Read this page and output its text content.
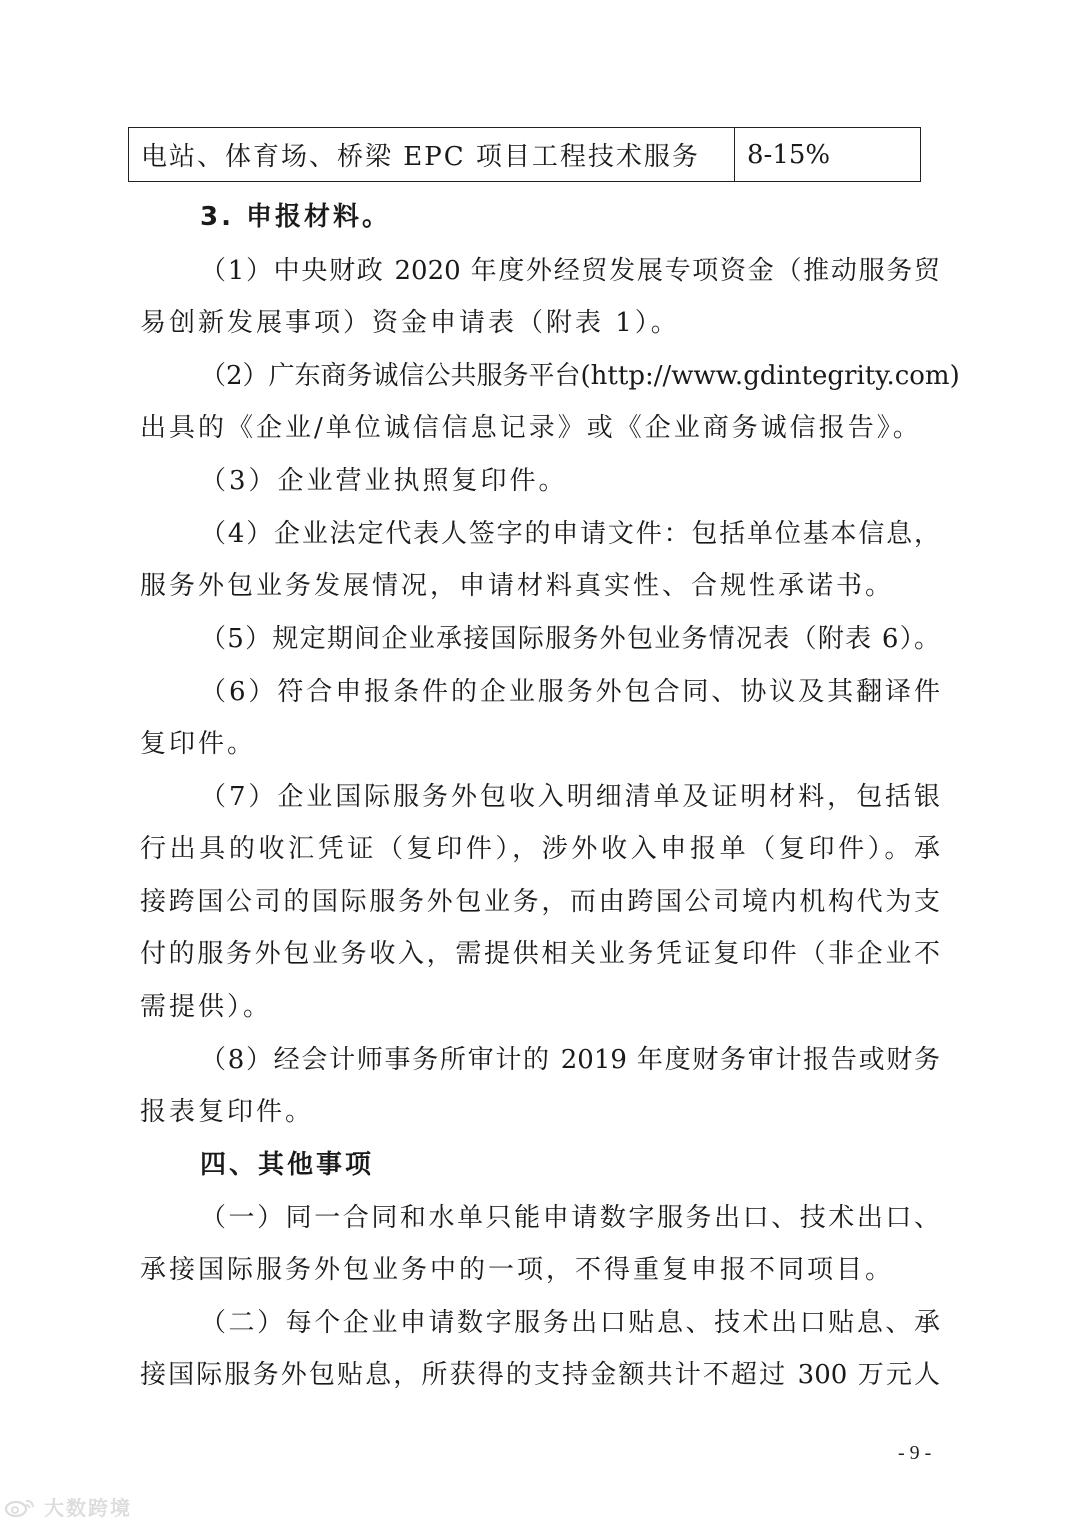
电站、体育场、桥梁 EPC 项目工程技术服务	8-15%
3. 申报材料。
（1）中央财政 2020 年度外经贸发展专项资金（推动服务贸
易创新发展事项）资金申请表（附表 1）。
（2）广东商务诚信公共服务平台(http://www.gdintegrity.com)
出具的《企业/单位诚信信息记录》或《企业商务诚信报告》。
（3）企业营业执照复印件。
（4）企业法定代表人签字的申请文件：包括单位基本信息，
服务外包业务发展情况，申请材料真实性、合规性承诺书。
（5）规定期间企业承接国际服务外包业务情况表（附表 6）。
（6）符合申报条件的企业服务外包合同、协议及其翻译件
复印件。
（7）企业国际服务外包收入明细清单及证明材料，包括银
行出具的收汇凭证（复印件），涉外收入申报单（复印件）。承
接跨国公司的国际服务外包业务，而由跨国公司境内机构代为支
付的服务外包业务收入，需提供相关业务凭证复印件（非企业不
需提供）。
（8）经会计师事务所审计的 2019 年度财务审计报告或财务
报表复印件。
四、其他事项
（一）同一合同和水单只能申请数字服务出口、技术出口、
承接国际服务外包业务中的一项，不得重复申报不同项目。
（二）每个企业申请数字服务出口贴息、技术出口贴息、承
接国际服务外包贴息，所获得的支持金额共计不超过 300 万元人
- 9 -
大数跨境
